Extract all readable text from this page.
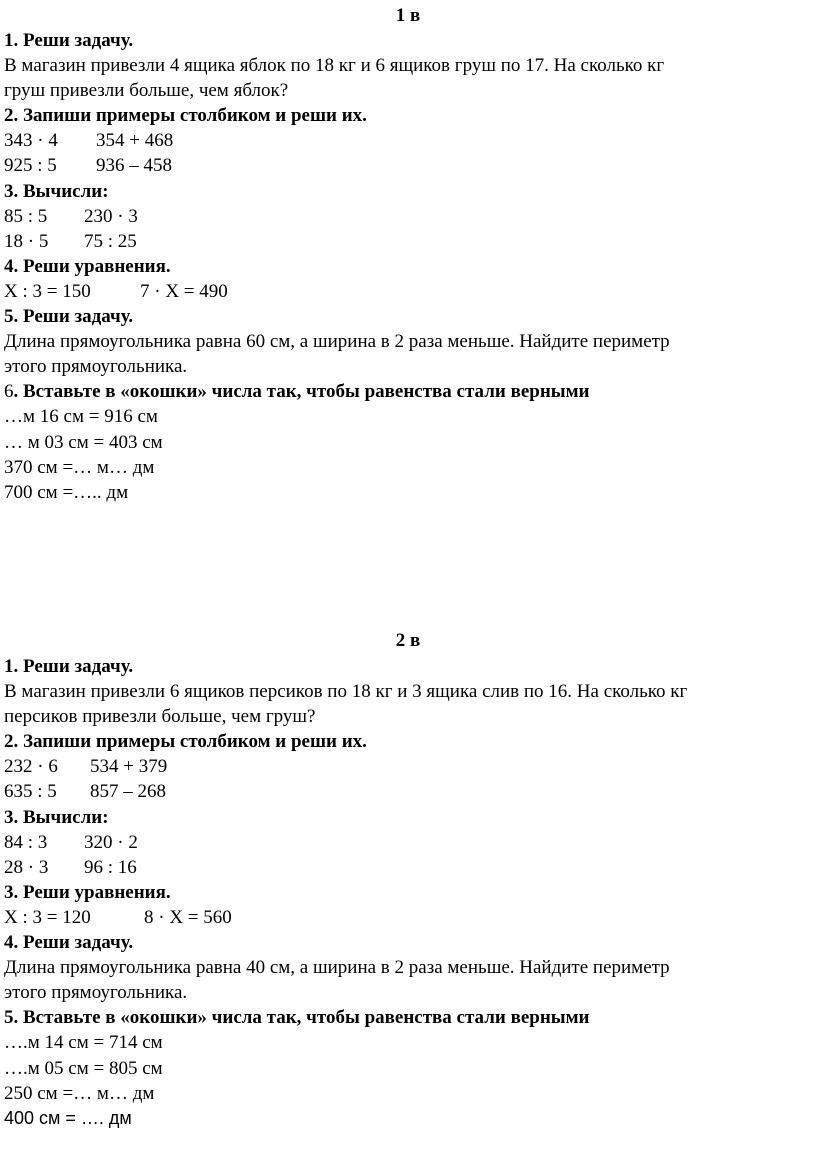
1 в
1. Реши задачу.
В магазин привезли 4 ящика яблок по 18 кг и 6 ящиков груш по 17. На сколько кг
груш привезли больше, чем яблок?
2. Запиши примеры столбиком и реши их.
343 · 4	354 + 468
925 : 5	936 – 458
3. Вычисли:
85 : 5	230 · 3
18 · 5	75 : 25
4. Реши уравнения.
Х : 3 = 150	7 · Х = 490
5. Реши задачу.
Длина прямоугольника равна 60 см, а ширина в 2 раза меньше. Найдите периметр
этого прямоугольника.
6. Вставьте в «окошки» числа так, чтобы равенства стали верными
…м 16 см = 916 см
… м 03 см = 403 см
370 см =… м… дм
700 см =….. дм
2 в
1. Реши задачу.
В магазин привезли 6 ящиков персиков по 18 кг и 3 ящика слив по 16. На сколько кг
персиков привезли больше, чем груш?
2. Запиши примеры столбиком и реши их.
232 · 6	534 + 379
635 : 5	857 – 268
3. Вычисли:
84 : 3	320 · 2
28 · 3	96 : 16
3. Реши уравнения.
Х : 3 = 120	8 · Х = 560
4. Реши задачу.
Длина прямоугольника равна 40 см, а ширина в 2 раза меньше. Найдите периметр
этого прямоугольника.
5. Вставьте в «окошки» числа так, чтобы равенства стали верными
….м 14 см = 714 см
….м 05 см = 805 см
250 см =… м… дм
400 см = …. дм
